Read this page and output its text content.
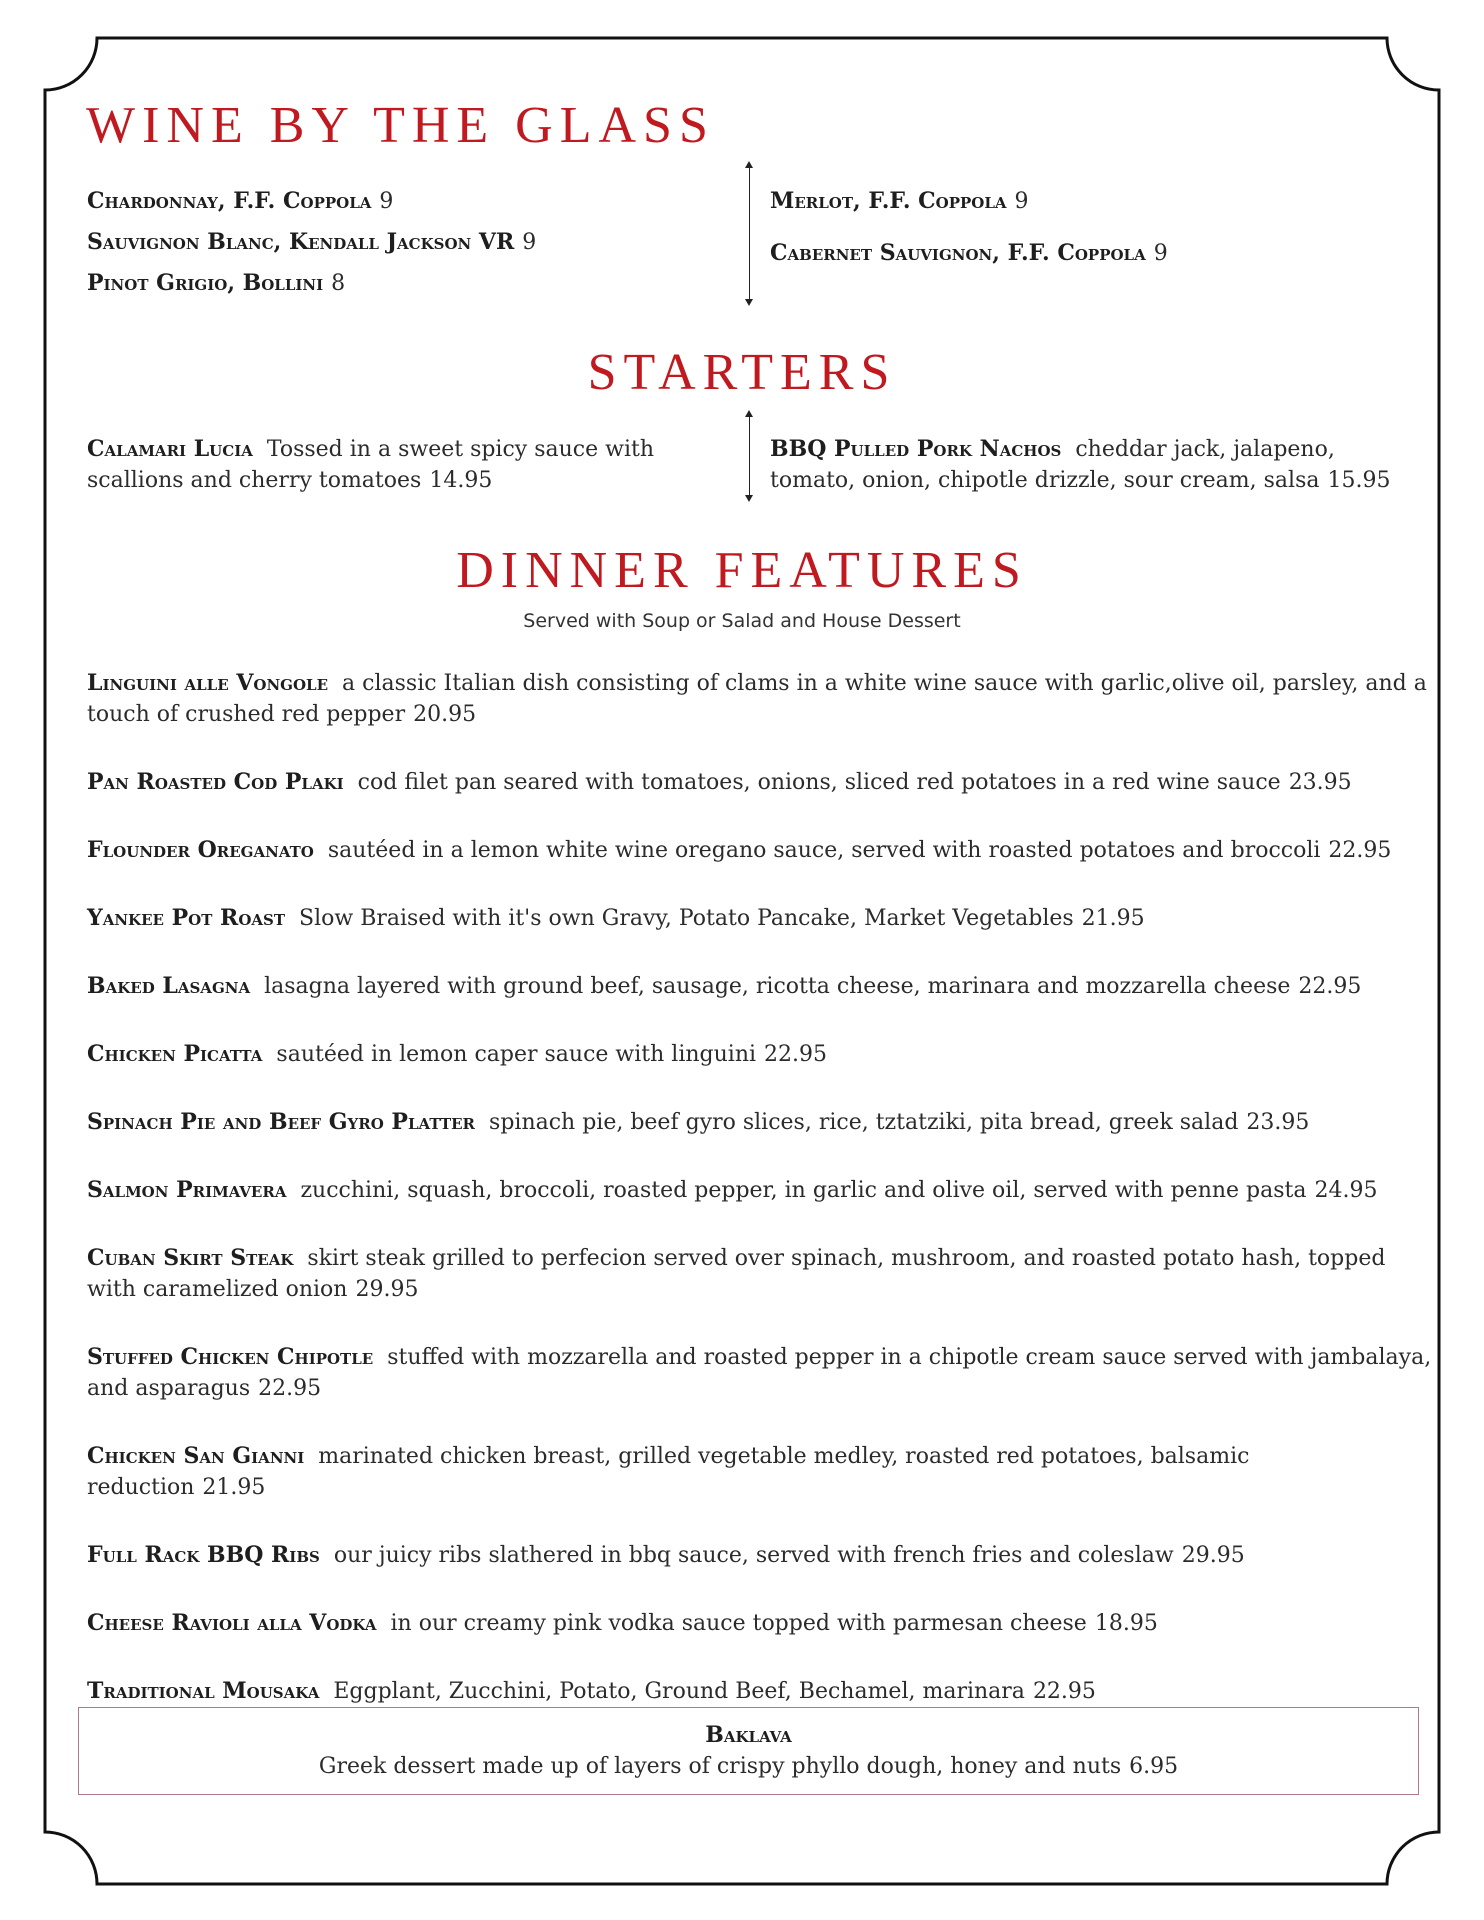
WINE BY THE GLASS
Chardonnay, F.F. Coppola 9
Sauvignon Blanc, Kendall Jackson VR 9
Pinot Grigio, Bollini 8
Merlot, F.F. Coppola 9
Cabernet Sauvignon, F.F. Coppola 9
STARTERS
Calamari Lucia Tossed in a sweet spicy sauce with scallions and cherry tomatoes 14.95
BBQ Pulled Pork Nachos cheddar jack, jalapeno, tomato, onion, chipotle drizzle, sour cream, salsa 15.95
DINNER FEATURES
Served with Soup or Salad and House Dessert
Linguini alle Vongole a classic Italian dish consisting of clams in a white wine sauce with garlic,olive oil, parsley, and a touch of crushed red pepper 20.95
Pan Roasted Cod Plaki cod filet pan seared with tomatoes, onions, sliced red potatoes in a red wine sauce 23.95
Flounder Oreganato sautéed in a lemon white wine oregano sauce, served with roasted potatoes and broccoli 22.95
Yankee Pot Roast Slow Braised with it's own Gravy, Potato Pancake, Market Vegetables 21.95
Baked Lasagna lasagna layered with ground beef, sausage, ricotta cheese, marinara and mozzarella cheese 22.95
Chicken Picatta sautéed in lemon caper sauce with linguini 22.95
Spinach Pie and Beef Gyro Platter spinach pie, beef gyro slices, rice, tztatziki, pita bread, greek salad 23.95
Salmon Primavera zucchini, squash, broccoli, roasted pepper, in garlic and olive oil, served with penne pasta 24.95
Cuban Skirt Steak skirt steak grilled to perfecion served over spinach, mushroom, and roasted potato hash, topped with caramelized onion 29.95
Stuffed Chicken Chipotle stuffed with mozzarella and roasted pepper in a chipotle cream sauce served with jambalaya, and asparagus 22.95
Chicken San Gianni marinated chicken breast, grilled vegetable medley, roasted red potatoes, balsamic reduction 21.95
Full Rack BBQ Ribs our juicy ribs slathered in bbq sauce, served with french fries and coleslaw 29.95
Cheese Ravioli alla Vodka in our creamy pink vodka sauce topped with parmesan cheese 18.95
Traditional Mousaka Eggplant, Zucchini, Potato, Ground Beef, Bechamel, marinara 22.95
Baklava
Greek dessert made up of layers of crispy phyllo dough, honey and nuts 6.95
